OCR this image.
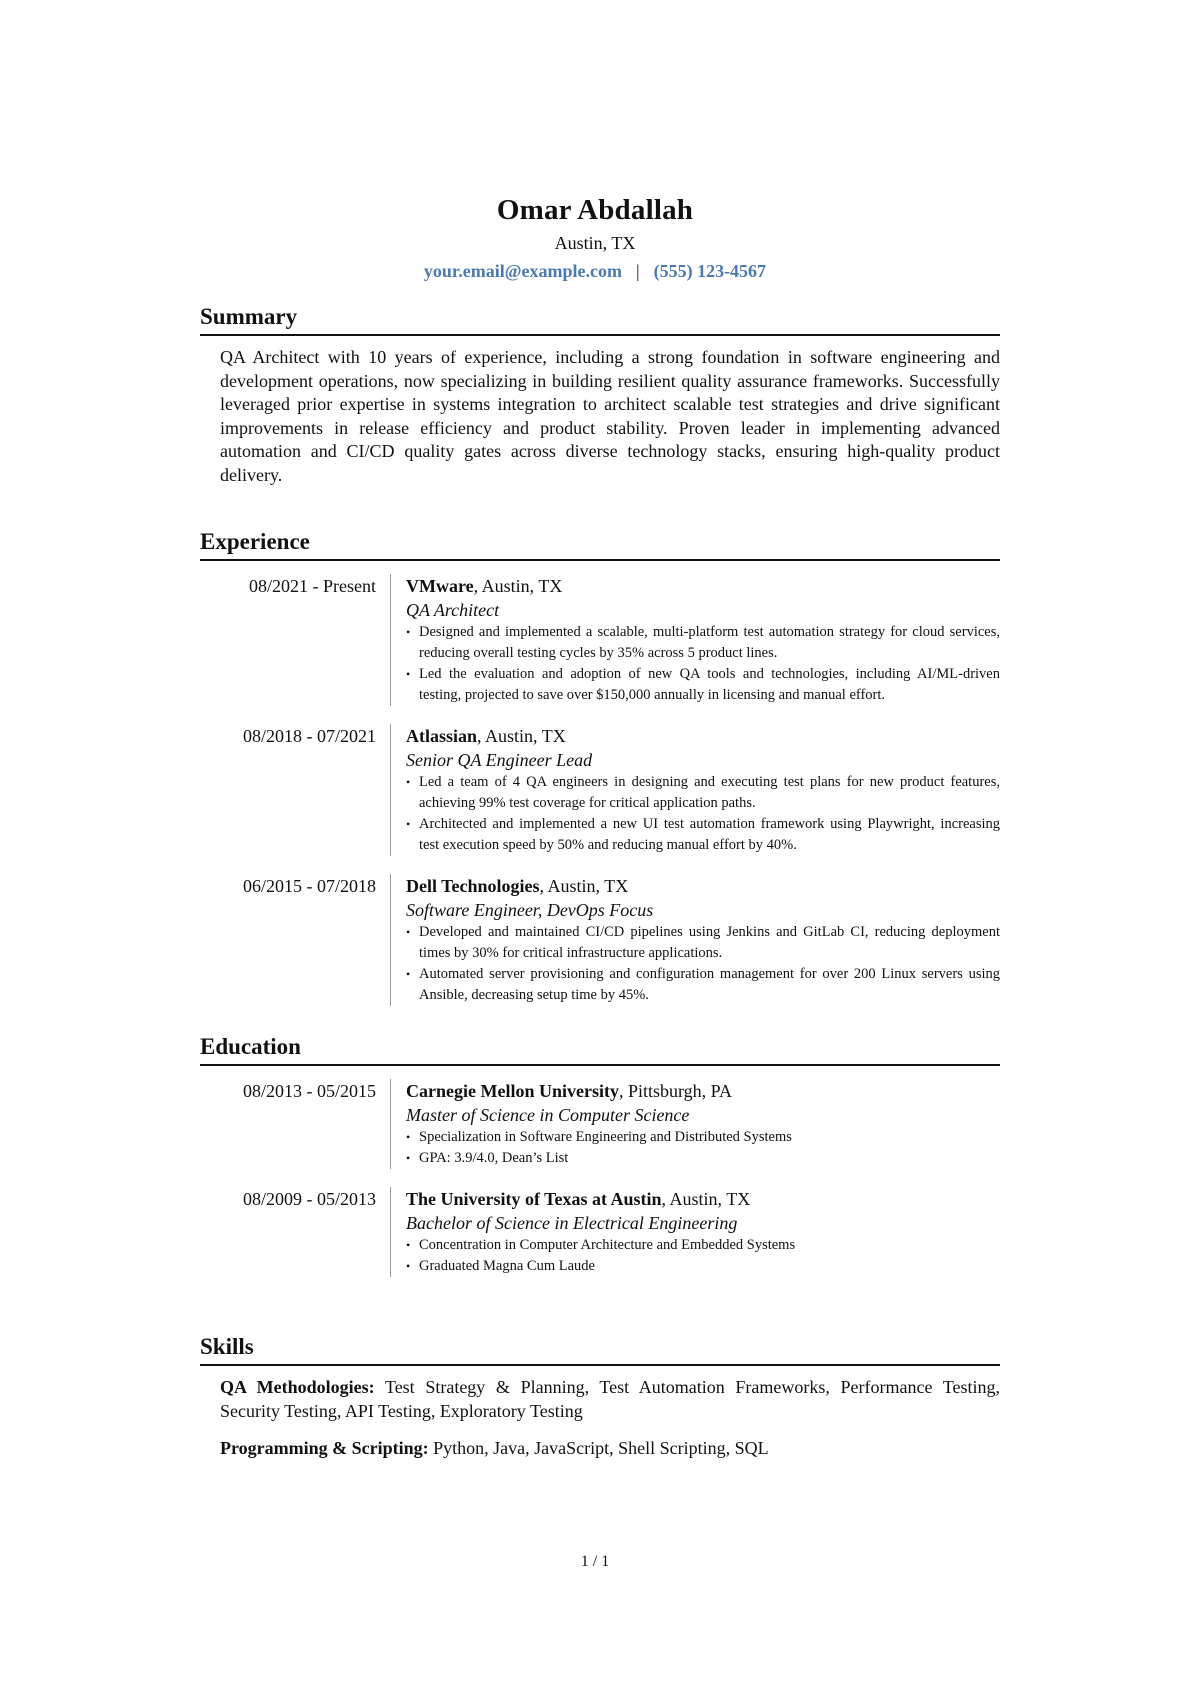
Omar Abdallah
Austin, TX
your.email@example.com | (555) 123-4567
Summary
QA Architect with 10 years of experience, including a strong foundation in software engineering and development operations, now specializing in building resilient quality assurance frameworks. Successfully leveraged prior expertise in systems integration to architect scalable test strategies and drive significant improvements in release efficiency and product stability. Proven leader in implementing advanced automation and CI/CD quality gates across diverse technology stacks, ensuring high-quality product delivery.
Experience
08/2021 - Present	VMware, Austin, TX
QA Architect
• Designed and implemented a scalable, multi-platform test automation strategy for cloud services, reducing overall testing cycles by 35% across 5 product lines.
• Led the evaluation and adoption of new QA tools and technologies, including AI/ML-driven testing, projected to save over $150,000 annually in licensing and manual effort.
08/2018 - 07/2021	Atlassian, Austin, TX
Senior QA Engineer Lead
• Led a team of 4 QA engineers in designing and executing test plans for new product features, achieving 99% test coverage for critical application paths.
• Architected and implemented a new UI test automation framework using Playwright, increasing test execution speed by 50% and reducing manual effort by 40%.
06/2015 - 07/2018	Dell Technologies, Austin, TX
Software Engineer, DevOps Focus
• Developed and maintained CI/CD pipelines using Jenkins and GitLab CI, reducing deployment times by 30% for critical infrastructure applications.
• Automated server provisioning and configuration management for over 200 Linux servers using Ansible, decreasing setup time by 45%.
Education
08/2013 - 05/2015	Carnegie Mellon University, Pittsburgh, PA
Master of Science in Computer Science
• Specialization in Software Engineering and Distributed Systems
• GPA: 3.9/4.0, Dean’s List
08/2009 - 05/2013	The University of Texas at Austin, Austin, TX
Bachelor of Science in Electrical Engineering
• Concentration in Computer Architecture and Embedded Systems
• Graduated Magna Cum Laude
Skills
QA Methodologies: Test Strategy & Planning, Test Automation Frameworks, Performance Testing, Security Testing, API Testing, Exploratory Testing
Programming & Scripting: Python, Java, JavaScript, Shell Scripting, SQL
1 / 1
